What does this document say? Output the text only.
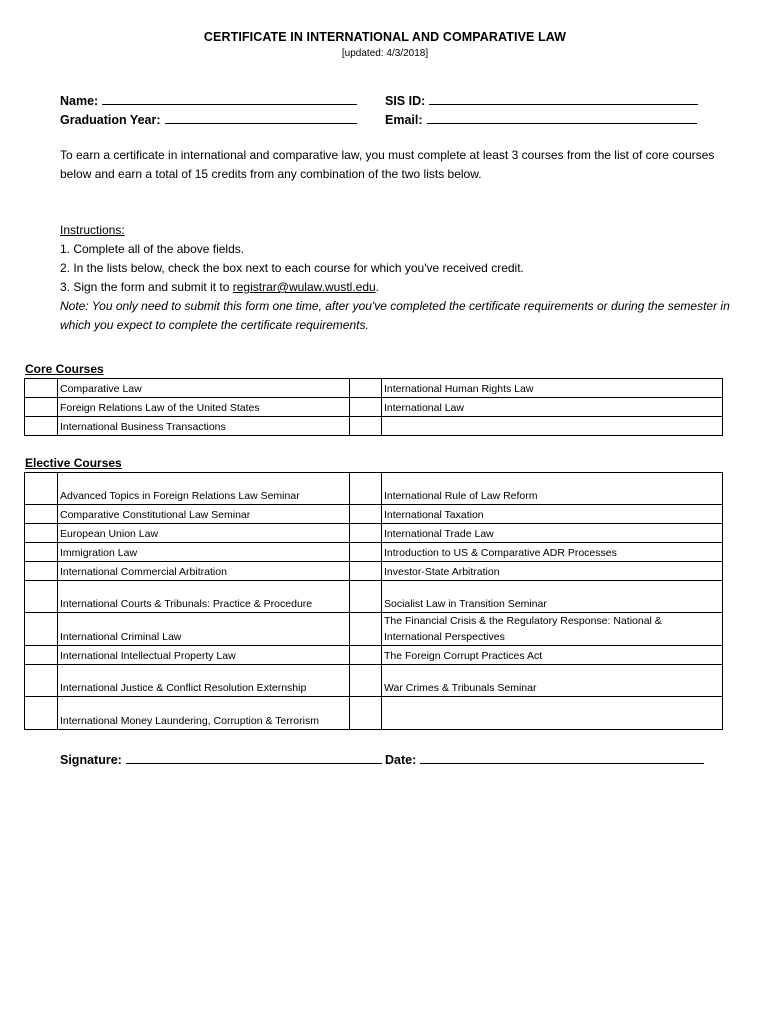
CERTIFICATE IN INTERNATIONAL AND COMPARATIVE LAW
[updated: 4/3/2018]
Name:	SIS ID:
Graduation Year:	Email:
To earn a certificate in international and comparative law, you must complete at least 3 courses from the list of core courses below and earn a total of 15 credits from any combination of the two lists below.
Instructions:
1. Complete all of the above fields.
2. In the lists below, check the box next to each course for which you've received credit.
3. Sign the form and submit it to registrar@wulaw.wustl.edu.
Note: You only need to submit this form one time, after you've completed the certificate requirements or during the semester in which you expect to complete the certificate requirements.
Core Courses
	Comparative Law		International Human Rights Law
	Foreign Relations Law of the United States		International Law
	International Business Transactions		
Elective Courses
	Advanced Topics in Foreign Relations Law Seminar		International Rule of Law Reform
	Comparative Constitutional Law Seminar		International Taxation
	European Union Law		International Trade Law
	Immigration Law		Introduction to US & Comparative ADR Processes
	International Commercial Arbitration		Investor-State Arbitration
	International Courts & Tribunals: Practice & Procedure		Socialist Law in Transition Seminar
	International Criminal Law		The Financial Crisis & the Regulatory Response: National & International Perspectives
	International Intellectual Property Law		The Foreign Corrupt Practices Act
	International Justice & Conflict Resolution Externship		War Crimes & Tribunals Seminar
	International Money Laundering, Corruption & Terrorism		
Signature:	Date:
